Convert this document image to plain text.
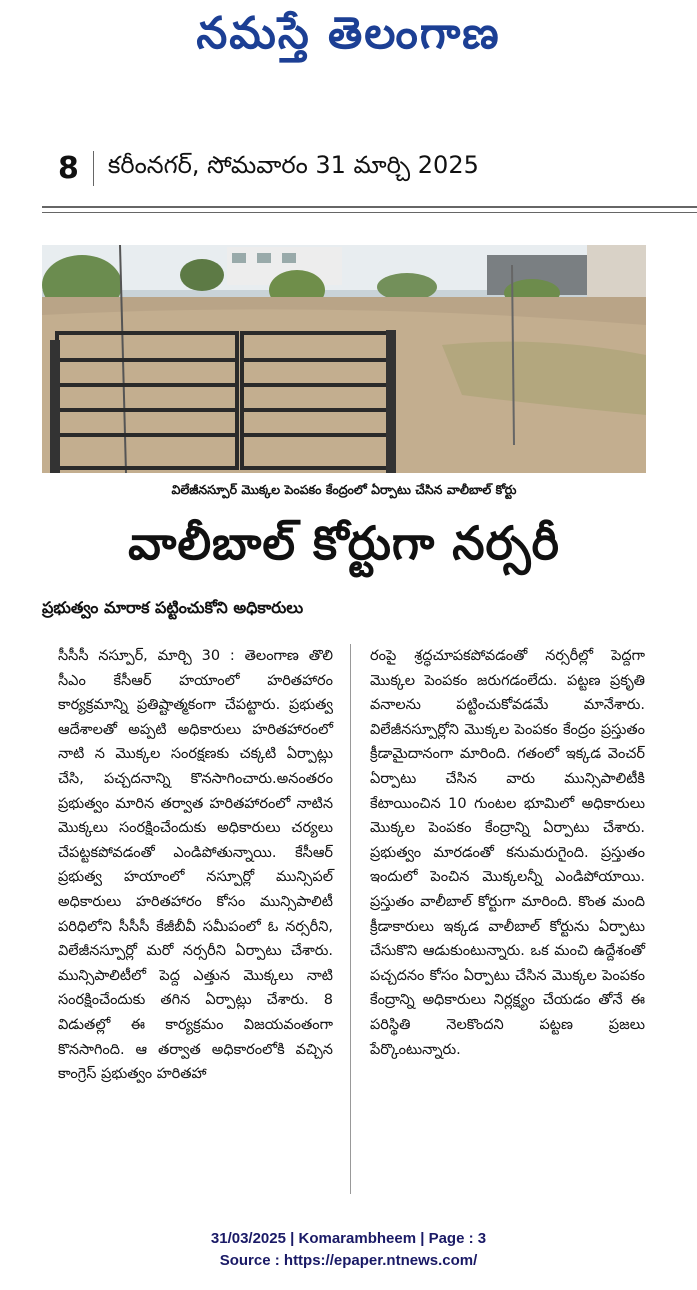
నమస్తే తెలంగాణ
8	కరీంనగర్, సోమవారం 31 మార్చి 2025
విలేజీనస్పూర్ మొక్కల పెంపకం కేంద్రంలో ఏర్పాటు చేసిన వాలీబాల్ కోర్టు
వాలీబాల్ కోర్టుగా నర్సరీ
ప్రభుత్వం మారాక పట్టించుకోని అధికారులు
సీసీసీ నస్పూర్, మార్చి 30 : తెలంగాణ తొలి సీఎం కేసీఆర్ హయాంలో హరితహారం కార్యక్రమాన్ని ప్రతిష్టాత్మకంగా చేపట్టారు. ప్రభుత్వ ఆదేశాలతో అప్పటి అధికారులు హరితహారంలో నాటి న మొక్కల సంరక్షణకు చక్కటి ఏర్పాట్లు చేసి, పచ్చదనాన్ని కొనసాగించారు.అనంతరం ప్రభుత్వం మారిన తర్వాత హరితహారంలో నాటిన మొక్కలు సంరక్షించేందుకు అధికారులు చర్యలు చేపట్టకపోవడంతో ఎండిపోతున్నాయి. కేసీఆర్ ప్రభుత్వ హయాంలో నస్పూర్లో మున్సిపల్ అధికారులు హరితహారం కోసం మున్సిపాలిటీ పరిధిలోని సీసీసీ కేజీబీవీ సమీపంలో ఓ నర్సరీని, విలేజీనస్పూర్లో మరో నర్సరీని ఏర్పాటు చేశారు. మున్సిపాలిటీలో పెద్ద ఎత్తున మొక్కలు నాటి సంరక్షించేందుకు తగిన ఏర్పాట్లు చేశారు. 8 విడుతల్లో ఈ కార్యక్రమం విజయవంతంగా కొనసాగింది. ఆ తర్వాత అధికారంలోకి వచ్చిన కాంగ్రెస్ ప్రభుత్వం హరితహా
రంపై శ్రద్ధచూపకపోవడంతో నర్సరీల్లో పెద్దగా మొక్కల పెంపకం జరుగడంలేదు. పట్టణ ప్రకృతి వనాలను పట్టించుకోవడమే మానేశారు. విలేజీనస్పూర్లోని మొక్కల పెంపకం కేంద్రం ప్రస్తుతం క్రీడామైదానంగా మారింది. గతంలో ఇక్కడ వెంచర్ ఏర్పాటు చేసిన వారు మున్సిపాలిటీకి కేటాయించిన 10 గుంటల భూమిలో అధికారులు మొక్కల పెంపకం కేంద్రాన్ని ఏర్పాటు చేశారు. ప్రభుత్వం మారడంతో కనుమరుగైంది. ప్రస్తుతం ఇందులో పెంచిన మొక్కలన్నీ ఎండిపోయాయి. ప్రస్తుతం వాలీబాల్ కోర్టుగా మారింది. కొంత మంది క్రీడాకారులు ఇక్కడ వాలీబాల్ కోర్టును ఏర్పాటు చేసుకొని ఆడుకుంటున్నారు. ఒక మంచి ఉద్దేశంతో పచ్చదనం కోసం ఏర్పాటు చేసిన మొక్కల పెంపకం కేంద్రాన్ని అధికారులు నిర్లక్ష్యం చేయడం తోనే ఈ పరిస్థితి నెలకొందని పట్టణ ప్రజలు పేర్కొంటున్నారు.
31/03/2025 | Komarambheem | Page : 3
Source : https://epaper.ntnews.com/
